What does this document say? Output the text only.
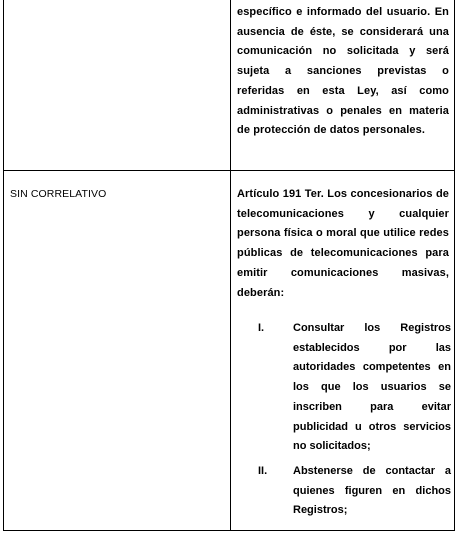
específico e informado del usuario. En ausencia de éste, se considerará una comunicación no solicitada y será sujeta a sanciones previstas o referidas en esta Ley, así como administrativas o penales en materia de protección de datos personales.
SIN CORRELATIVO	Artículo 191 Ter. Los concesionarios de telecomunicaciones y cualquier persona física o moral que utilice redes públicas de telecomunicaciones para emitir comunicaciones masivas, deberán:
I.	Consultar los Registros establecidos por las autoridades competentes en los que los usuarios se inscriben para evitar publicidad u otros servicios no solicitados;
II. Abstenerse de contactar a quienes figuren en dichos Registros;
